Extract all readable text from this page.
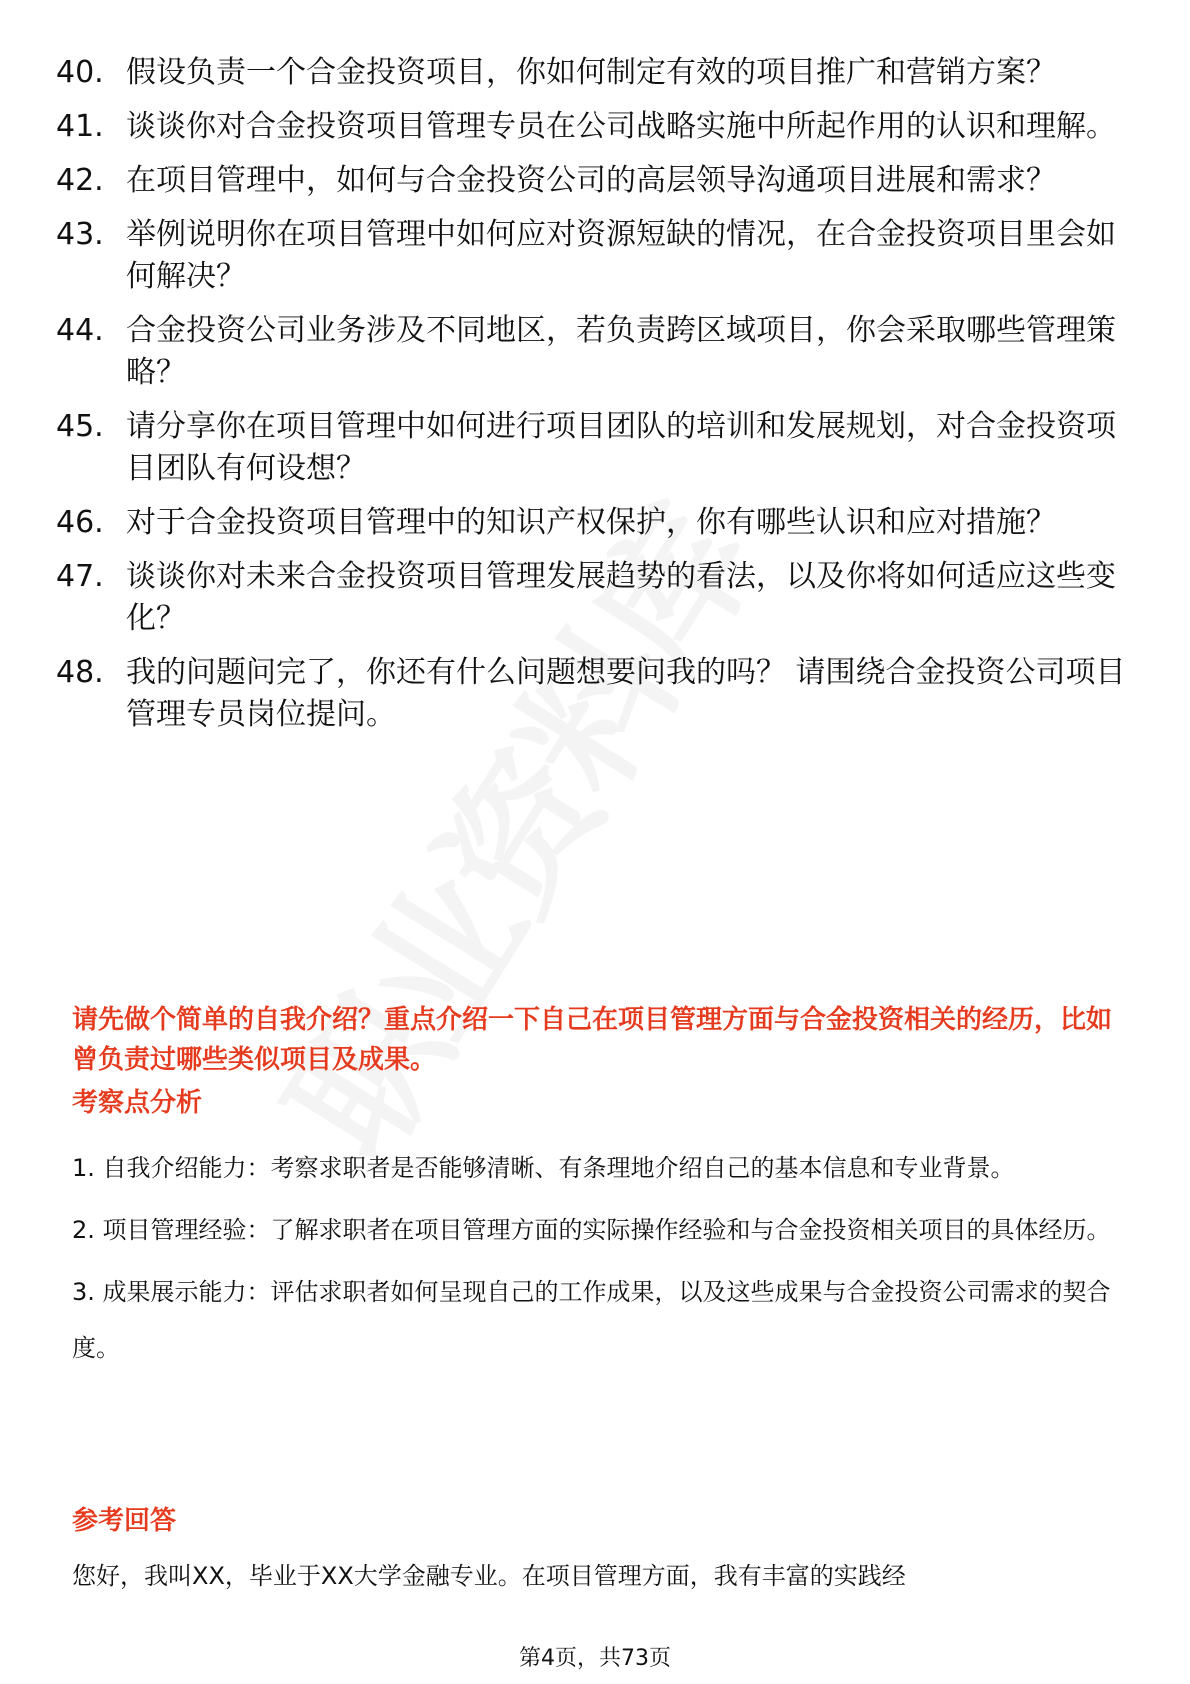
40. 假设负责一个合金投资项目，你如何制定有效的项目推广和营销方案？
41. 谈谈你对合金投资项目管理专员在公司战略实施中所起作用的认识和理解。
42. 在项目管理中，如何与合金投资公司的高层领导沟通项目进展和需求？
43. 举例说明你在项目管理中如何应对资源短缺的情况，在合金投资项目里会如何解决？
44. 合金投资公司业务涉及不同地区，若负责跨区域项目，你会采取哪些管理策略？
45. 请分享你在项目管理中如何进行项目团队的培训和发展规划，对合金投资项目团队有何设想？
46. 对于合金投资项目管理中的知识产权保护，你有哪些认识和应对措施？
47. 谈谈你对未来合金投资项目管理发展趋势的看法，以及你将如何适应这些变化？
48. 我的问题问完了，你还有什么问题想要问我的吗？ 请围绕合金投资公司项目管理专员岗位提问。
请先做个简单的自我介绍？重点介绍一下自己在项目管理方面与合金投资相关的经历，比如曾负责过哪些类似项目及成果。
考察点分析
1. 自我介绍能力：考察求职者是否能够清晰、有条理地介绍自己的基本信息和专业背景。
2. 项目管理经验：了解求职者在项目管理方面的实际操作经验和与合金投资相关项目的具体经历。
3. 成果展示能力：评估求职者如何呈现自己的工作成果，以及这些成果与合金投资公司需求的契合度。
参考回答
您好，我叫XX，毕业于XX大学金融专业。在项目管理方面，我有丰富的实践经
第4页，共73页
